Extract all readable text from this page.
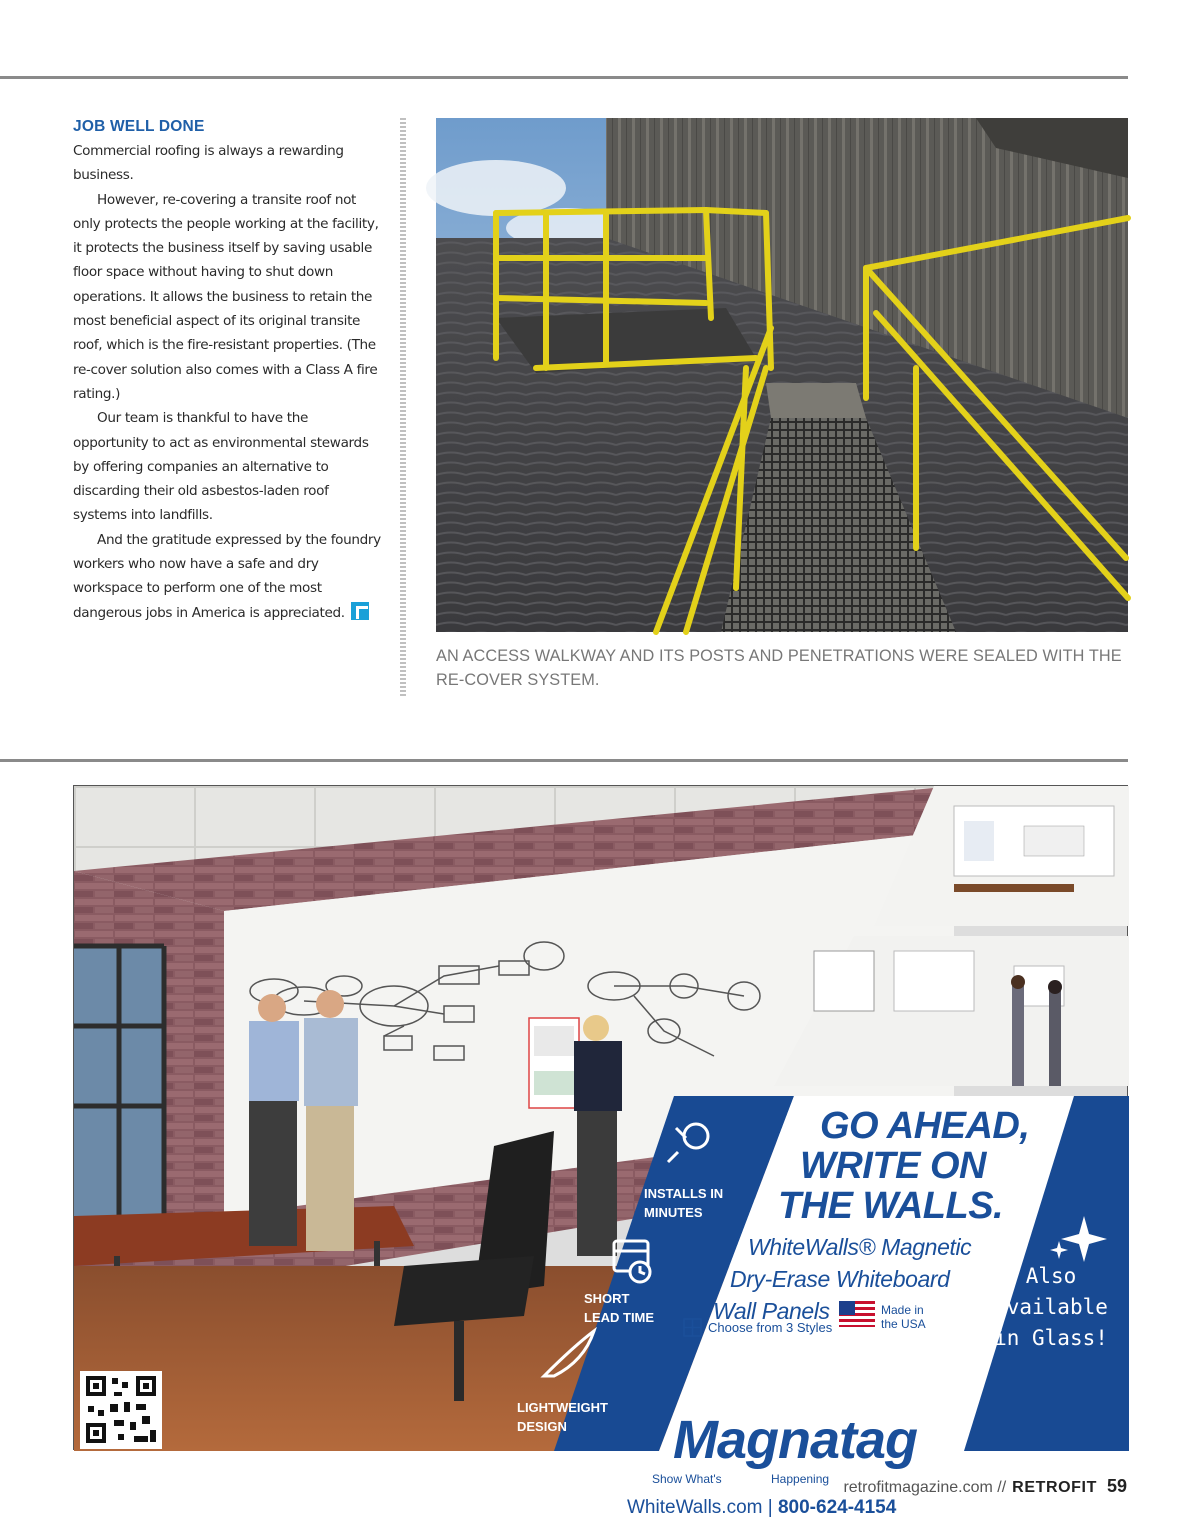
JOB WELL DONE

Commercial roofing is always a rewarding business.

However, re-covering a transite roof not only protects the people working at the facility, it protects the business itself by saving usable floor space without having to shut down operations. It allows the business to retain the most beneficial aspect of its original transite roof, which is the fire-resistant properties. (The re-cover solution also comes with a Class A fire rating.)

Our team is thankful to have the opportunity to act as environmental stewards by offering companies an alternative to discarding their old asbestos-laden roof systems into landfills.

And the gratitude expressed by the foundry workers who now have a safe and dry workspace to perform one of the most dangerous jobs in America is appreciated.

AN ACCESS WALKWAY AND ITS POSTS AND PENETRATIONS WERE SEALED WITH THE RE-COVER SYSTEM.
INSTALLS IN MINUTES
SHORT LEAD TIME
LIGHTWEIGHT DESIGN
GO AHEAD,
WRITE ON
THE WALLS.
WhiteWalls® Magnetic
Dry-Erase Whiteboard
Wall Panels	Made in the USA
Choose from 3 Styles
Also
Available
in Glass!
Magnatag
Show What's	Happening
WhiteWalls.com | 800-624-4154
retrofitmagazine.com // RETROFIT 59
